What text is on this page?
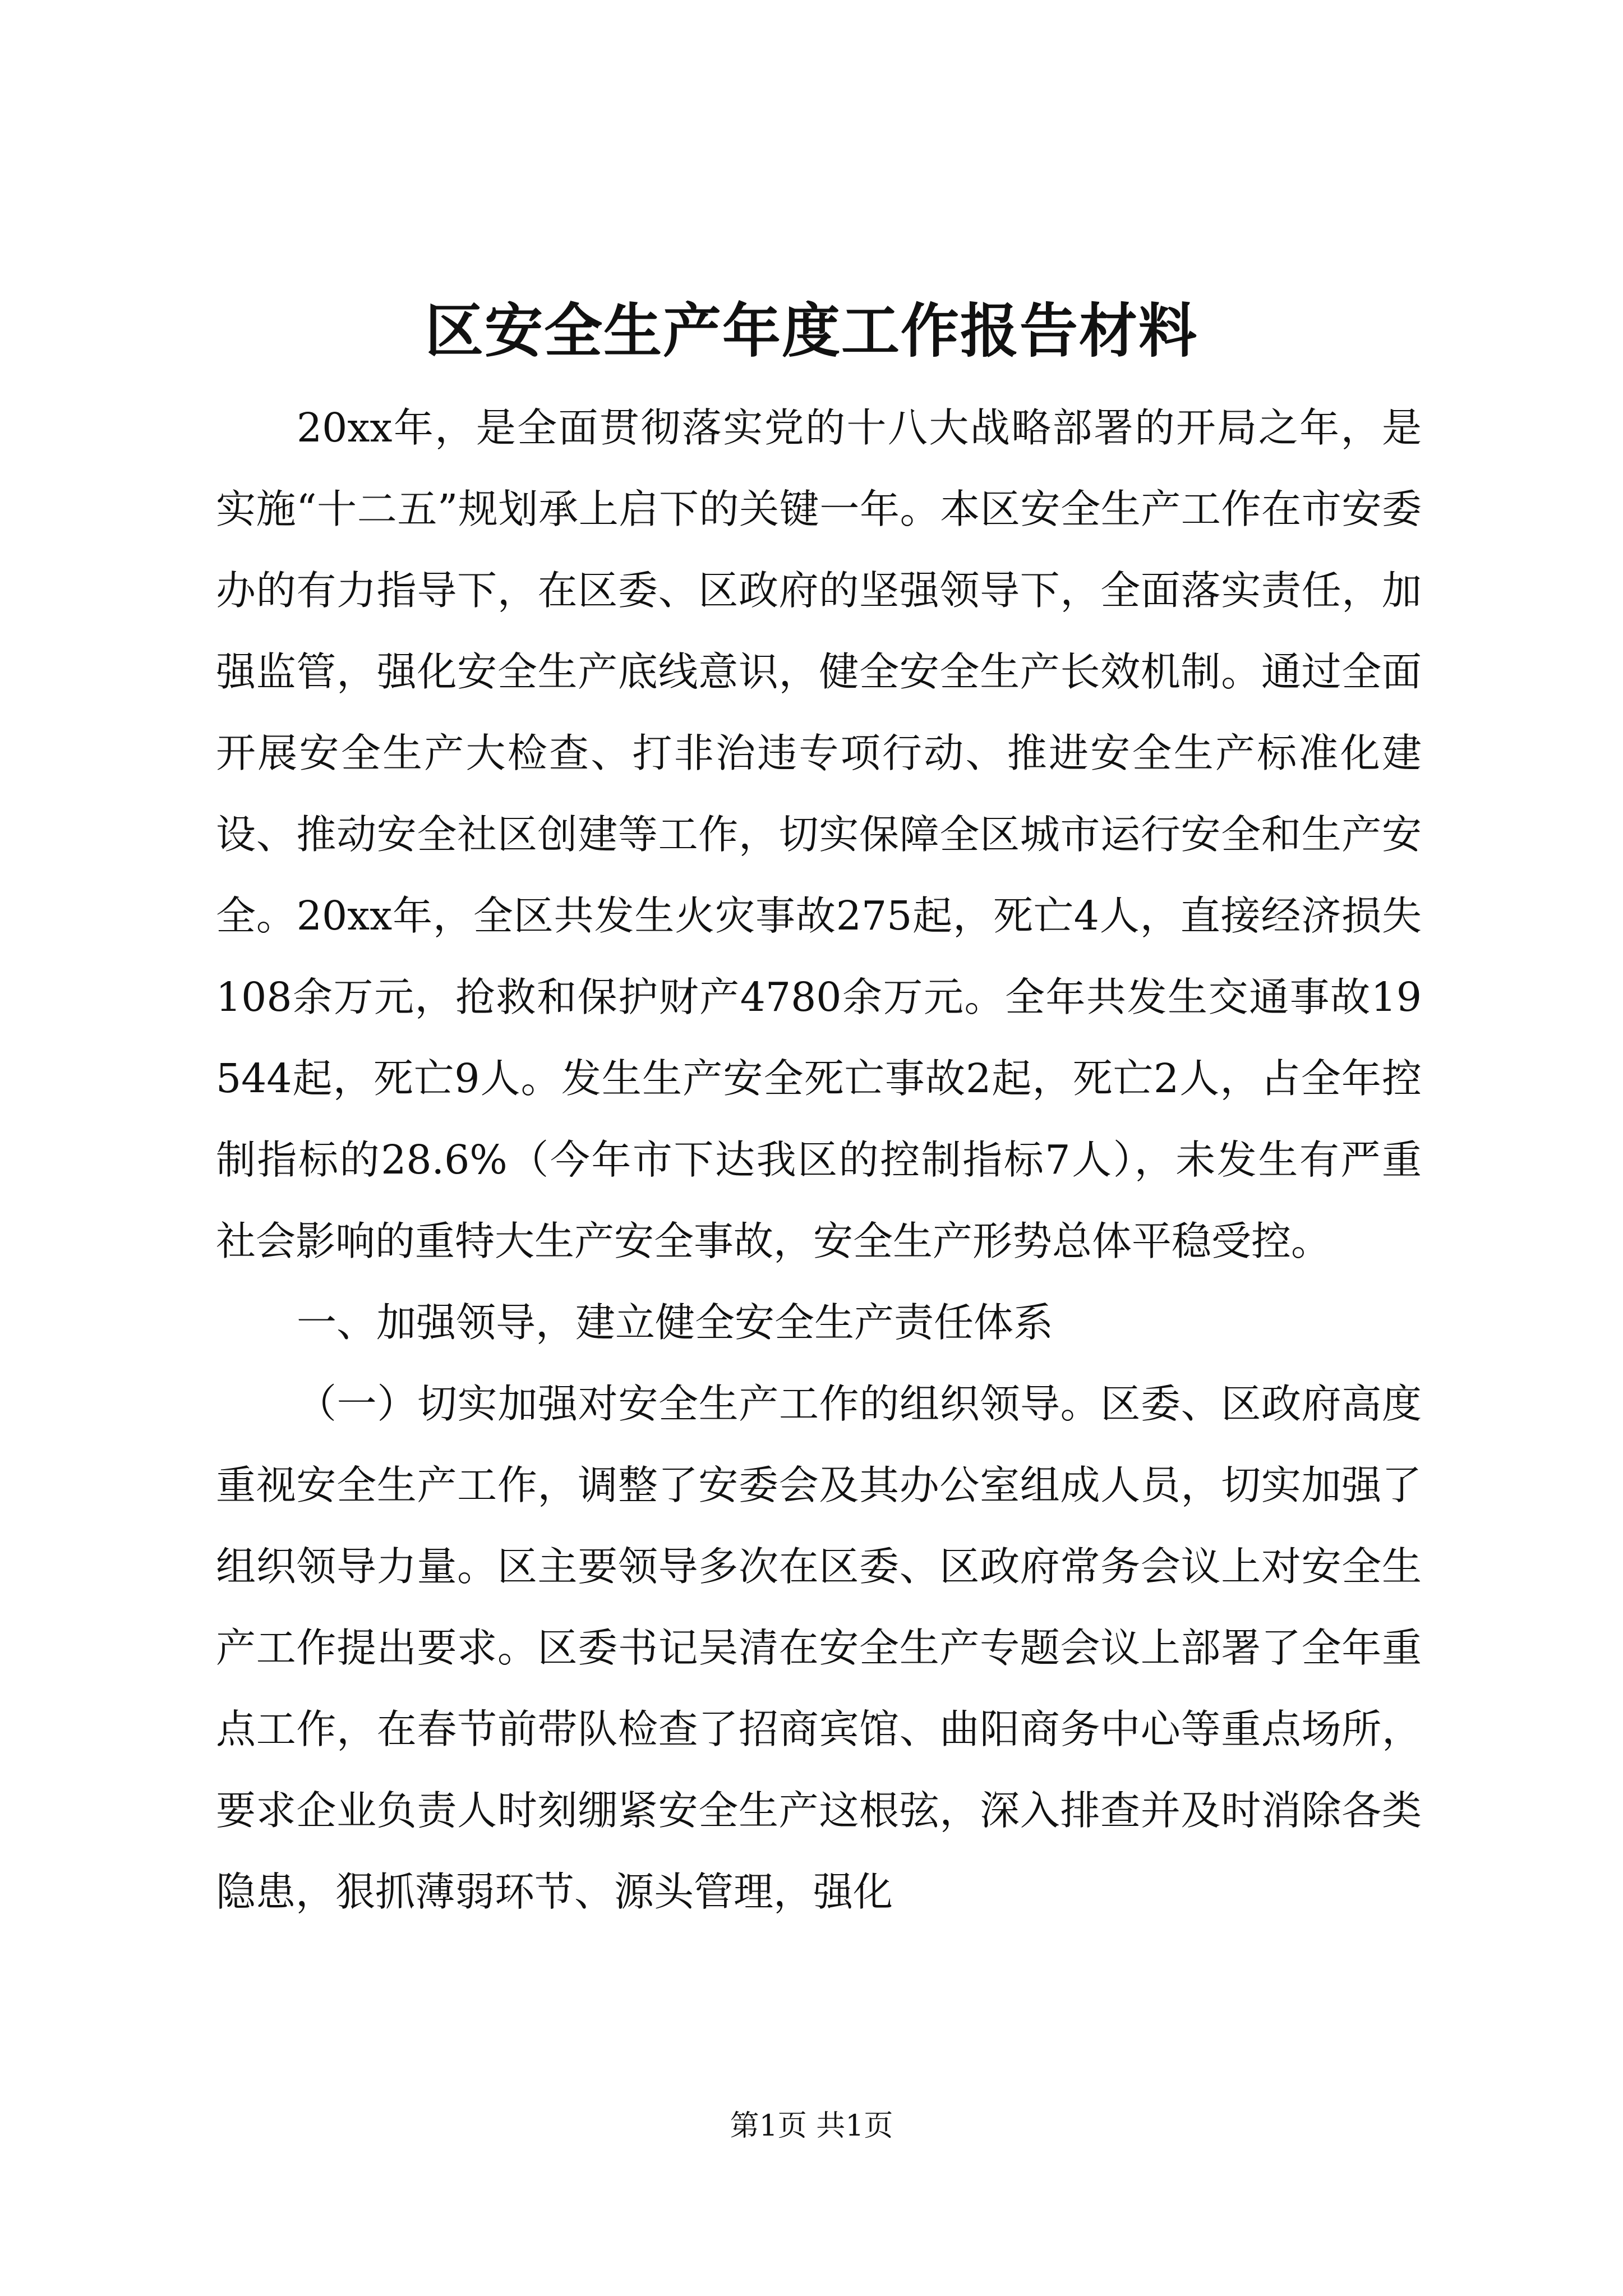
区安全生产年度工作报告材料

20xx年，是全面贯彻落实党的十八大战略部署的开局之年，是实施“十二五”规划承上启下的关键一年。本区安全生产工作在市安委办的有力指导下，在区委、区政府的坚强领导下，全面落实责任，加强监管，强化安全生产底线意识，健全安全生产长效机制。通过全面开展安全生产大检查、打非治违专项行动、推进安全生产标准化建设、推动安全社区创建等工作，切实保障全区城市运行安全和生产安全。20xx年，全区共发生火灾事故275起，死亡4人，直接经济损失108余万元，抢救和保护财产4780余万元。全年共发生交通事故19544起，死亡9人。发生生产安全死亡事故2起，死亡2人，占全年控制指标的28.6%（今年市下达我区的控制指标7人），未发生有严重社会影响的重特大生产安全事故，安全生产形势总体平稳受控。

一、加强领导，建立健全安全生产责任体系

（一）切实加强对安全生产工作的组织领导。区委、区政府高度重视安全生产工作，调整了安委会及其办公室组成人员，切实加强了组织领导力量。区主要领导多次在区委、区政府常务会议上对安全生产工作提出要求。区委书记吴清在安全生产专题会议上部署了全年重点工作，在春节前带队检查了招商宾馆、曲阳商务中心等重点场所，要求企业负责人时刻绷紧安全生产这根弦，深入排查并及时消除各类隐患，狠抓薄弱环节、源头管理，强化

第1页 共1页
